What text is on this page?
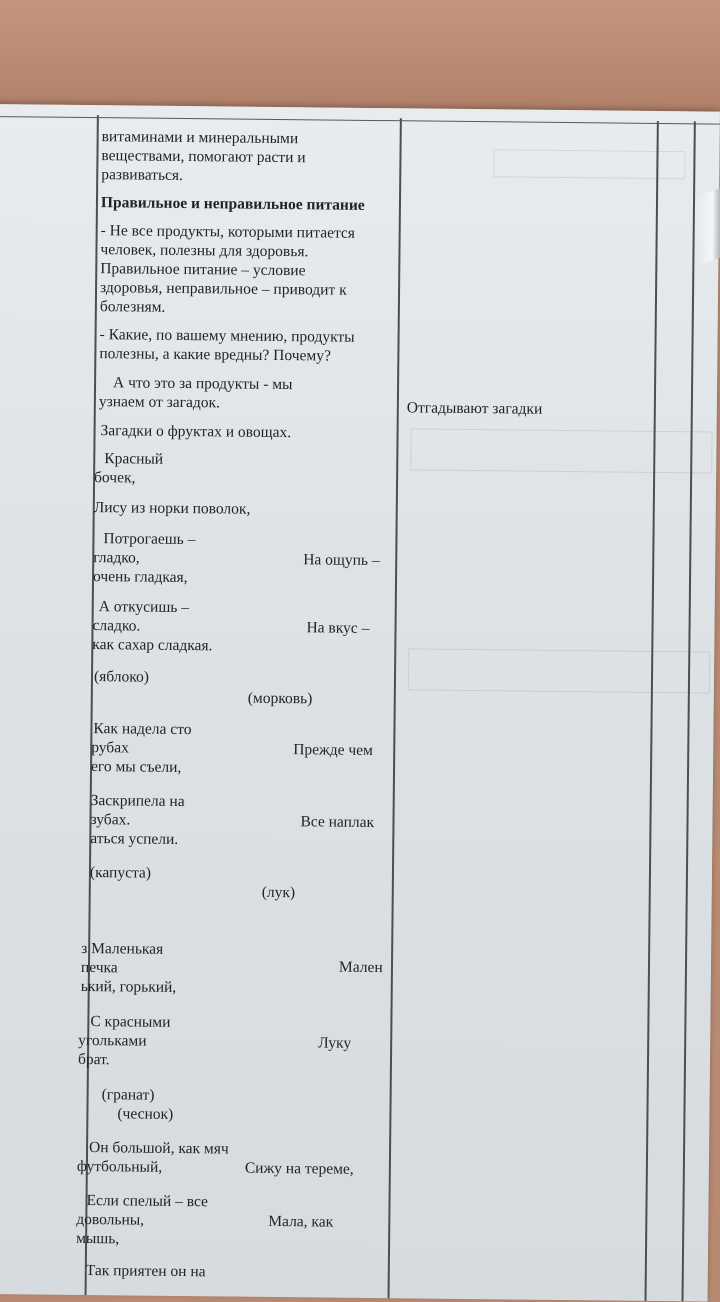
витаминами и минеральными
веществами, помогают расти и
развиваться.
Правильное и неправильное питание
- Не все продукты, которыми питается
человек, полезны для здоровья.
Правильное питание – условие
здоровья, неправильное – приводит к
болезням.
- Какие, по вашему мнению, продукты
полезны, а какие вредны? Почему?
А что это за продукты - мы
узнаем от загадок.
Загадки о фруктах и овощах.
Красный
бочек,
Лису из норки поволок,
Потрогаешь –
гладко,
очень гладкая,
На ощупь –
А откусишь –
сладко.
как сахар сладкая.
На вкус –
(яблоко)
(морковь)
Как надела сто
рубах
его мы съели,
Прежде чем
Заскрипела на
зубах.
аться успели.
Все наплак
(капуста)
(лук)
з Маленькая
печка
ький, горький,
Мален
С красными
угольками
брат.
Луку
(гранат)
(чеснок)
Он большой, как мяч
футбольный,	Сижу на тереме,
Если спелый – все
довольны,
мышь,
Мала, как
Так приятен он на
Отгадывают загадки
